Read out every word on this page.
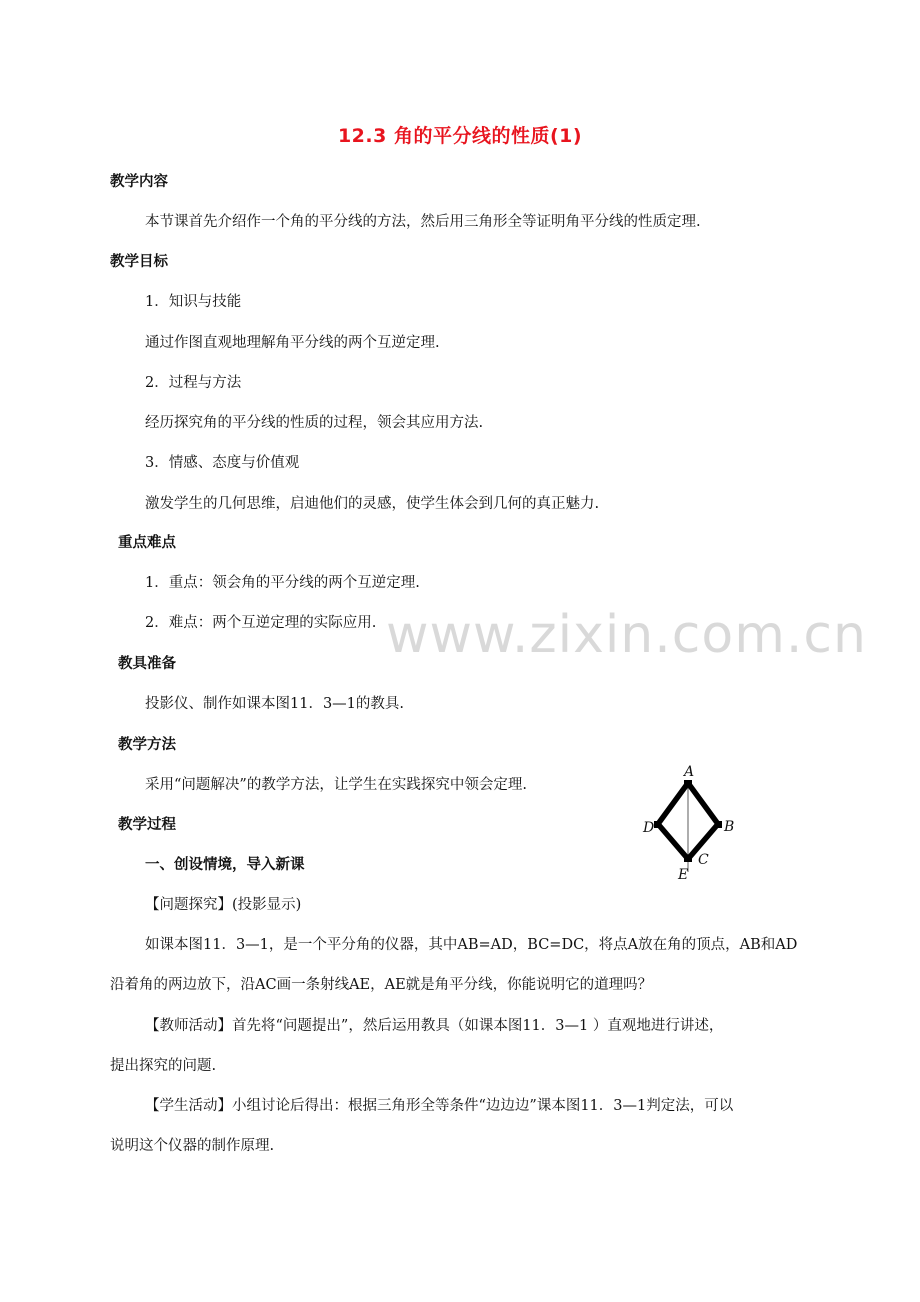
12.3 角的平分线的性质(1)
教学内容
本节课首先介绍作一个角的平分线的方法，然后用三角形全等证明角平分线的性质定理.
教学目标
1．知识与技能
通过作图直观地理解角平分线的两个互逆定理.
2．过程与方法
经历探究角的平分线的性质的过程，领会其应用方法.
3．情感、态度与价值观
激发学生的几何思维，启迪他们的灵感，使学生体会到几何的真正魅力.
重点难点
1．重点：领会角的平分线的两个互逆定理.
2．难点：两个互逆定理的实际应用. www.zixin.com.cn
教具准备
投影仪、制作如课本图11．3—1的教具.
教学方法
采用“问题解决”的教学方法，让学生在实践探究中领会定理.
教学过程
一、创设情境，导入新课
【问题探究】(投影显示)
如课本图11．3—1，是一个平分角的仪器，其中AB=AD，BC=DC，将点A放在角的顶点，AB和AD
沿着角的两边放下，沿AC画一条射线AE，AE就是角平分线，你能说明它的道理吗？
【教师活动】首先将“问题提出”，然后运用教具（如课本图11．3—1 ）直观地进行讲述，
提出探究的问题.
【学生活动】小组讨论后得出：根据三角形全等条件“边边边”课本图11．3—1判定法，可以
说明这个仪器的制作原理.
A
B
C
D
E
